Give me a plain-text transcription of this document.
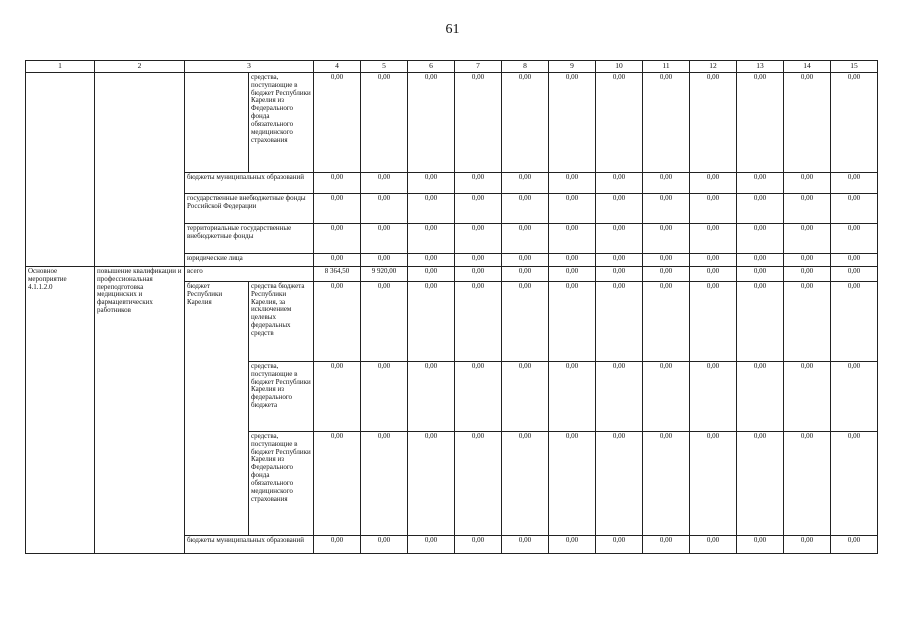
61
1	2	3		4	5	6	7	8	9	10	11	12	13	14	15
			средства, поступающие в бюджет Республики Карелия из Федерального фонда обязательного медицинского страхования	0,00	0,00	0,00	0,00	0,00	0,00	0,00	0,00	0,00	0,00	0,00	0,00
		бюджеты муниципальных образований		0,00	0,00	0,00	0,00	0,00	0,00	0,00	0,00	0,00	0,00	0,00	0,00
		государственные внебюджетные фонды Российской Федерации		0,00	0,00	0,00	0,00	0,00	0,00	0,00	0,00	0,00	0,00	0,00	0,00
		территориальные государственные внебюджетные фонды		0,00	0,00	0,00	0,00	0,00	0,00	0,00	0,00	0,00	0,00	0,00	0,00
		юридические лица		0,00	0,00	0,00	0,00	0,00	0,00	0,00	0,00	0,00	0,00	0,00	0,00
Основное мероприятие 4.1.1.2.0	повышение квалификации и профессиональная переподготовка медицинских и фармацевтических работников	всего		8 364,50	9 920,00	0,00	0,00	0,00	0,00	0,00	0,00	0,00	0,00	0,00	0,00
		бюджет Республики Карелия	средства бюджета Республики Карелия, за исключением целевых федеральных средств	0,00	0,00	0,00	0,00	0,00	0,00	0,00	0,00	0,00	0,00	0,00	0,00
			средства, поступающие в бюджет Республики Карелия из федерального бюджета	0,00	0,00	0,00	0,00	0,00	0,00	0,00	0,00	0,00	0,00	0,00	0,00
			средства, поступающие в бюджет Республики Карелия из Федерального фонда обязательного медицинского страхования	0,00	0,00	0,00	0,00	0,00	0,00	0,00	0,00	0,00	0,00	0,00	0,00
		бюджеты муниципальных образований		0,00	0,00	0,00	0,00	0,00	0,00	0,00	0,00	0,00	0,00	0,00	0,00
